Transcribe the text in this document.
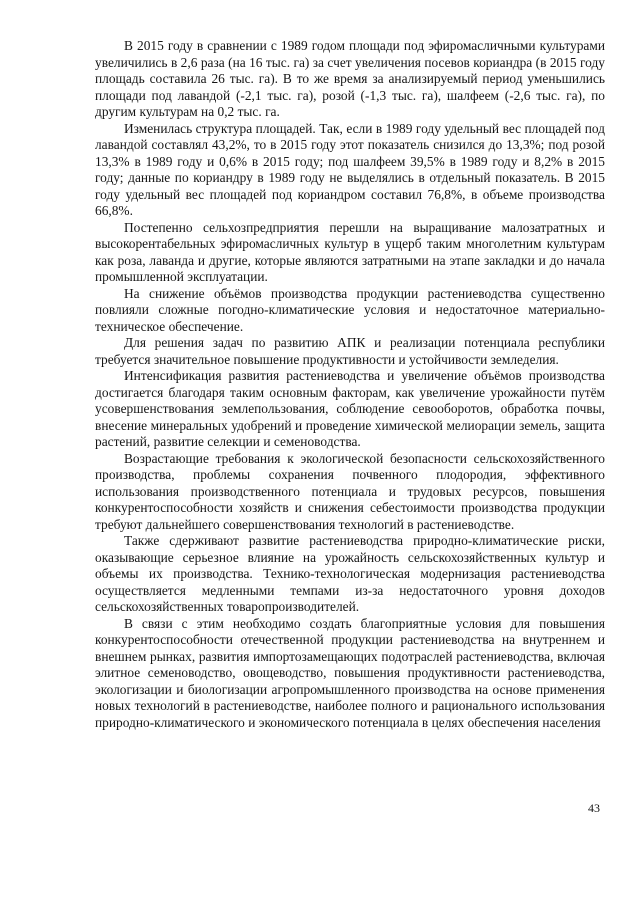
В 2015 году в сравнении с 1989 годом площади под эфиромасличными культурами увеличились в 2,6 раза (на 16 тыс. га) за счет увеличения посевов кориандра (в 2015 году площадь составила 26 тыс. га). В то же время за анализируемый период уменьшились площади под лавандой (-2,1 тыс. га), розой (-1,3 тыс. га), шалфеем (-2,6 тыс. га), по другим культурам на 0,2 тыс. га.

Изменилась структура площадей. Так, если в 1989 году удельный вес площадей под лавандой составлял 43,2%, то в 2015 году этот показатель снизился до 13,3%; под розой 13,3% в 1989 году и 0,6% в 2015 году; под шалфеем 39,5% в 1989 году и 8,2% в 2015 году; данные по кориандру в 1989 году не выделялись в отдельный показатель. В 2015 году удельный вес площадей под кориандром составил 76,8%, в объеме производства 66,8%.

Постепенно сельхозпредприятия перешли на выращивание малозатратных и высокорентабельных эфиромасличных культур в ущерб таким многолетним культурам как роза, лаванда и другие, которые являются затратными на этапе закладки и до начала промышленной эксплуатации.

На снижение объёмов производства продукции растениеводства существенно повлияли сложные погодно-климатические условия и недостаточное материально-техническое обеспечение.

Для решения задач по развитию АПК и реализации потенциала республики требуется значительное повышение продуктивности и устойчивости земледелия.

Интенсификация развития растениеводства и увеличение объёмов производства достигается благодаря таким основным факторам, как увеличение урожайности путём усовершенствования землепользования, соблюдение севооборотов, обработка почвы, внесение минеральных удобрений и проведение химической мелиорации земель, защита растений, развитие селекции и семеноводства.

Возрастающие требования к экологической безопасности сельскохозяйственного производства, проблемы сохранения почвенного плодородия, эффективного использования производственного потенциала и трудовых ресурсов, повышения конкурентоспособности хозяйств и снижения себестоимости производства продукции требуют дальнейшего совершенствования технологий в растениеводстве.

Также сдерживают развитие растениеводства природно-климатические риски, оказывающие серьезное влияние на урожайность сельскохозяйственных культур и объемы их производства. Технико-технологическая модернизация растениеводства осуществляется медленными темпами из-за недостаточного уровня доходов сельскохозяйственных товаропроизводителей.

В связи с этим необходимо создать благоприятные условия для повышения конкурентоспособности отечественной продукции растениеводства на внутреннем и внешнем рынках, развития импортозамещающих подотраслей растениеводства, включая элитное семеноводство, овощеводство, повышения продуктивности растениеводства, экологизации и биологизации агропромышленного производства на основе применения новых технологий в растениеводстве, наиболее полного и рационального использования природно-климатического и экономического потенциала в целях обеспечения населения

43
